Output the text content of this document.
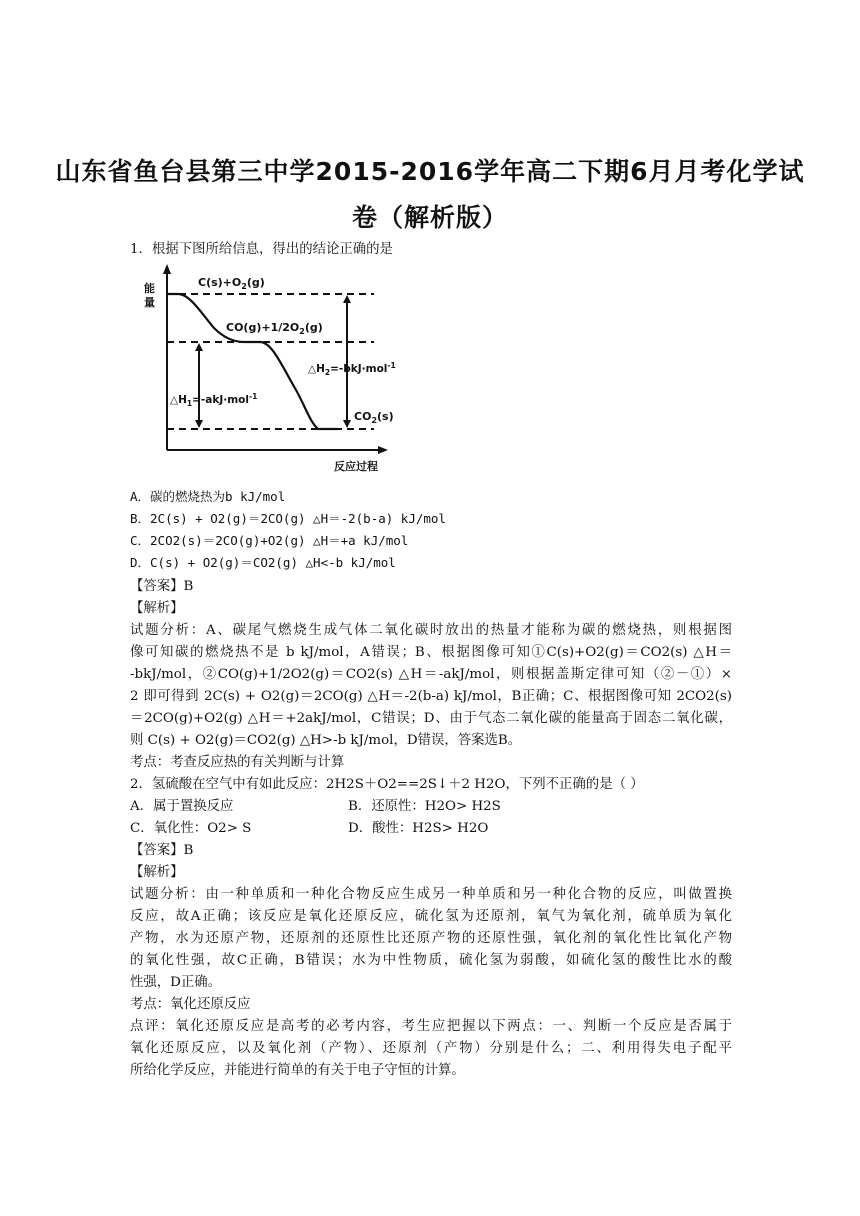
山东省鱼台县第三中学2015-2016学年高二下期6月月考化学试

卷（解析版）

1．根据下图所给信息，得出的结论正确的是

能
量
反应过程
$C(s)+O_2(g)$
$CO(g)+1/2O_2(g)$
$CO_2(s)$
$\triangle H_1=-akJ\cdot mol^{-1}$
$\triangle H_2=-bkJ\cdot mol^{-1}$

A．碳的燃烧热为b kJ/mol

B．2C(s) + O2(g)＝2CO(g) △H＝-2(b-a) kJ/mol

C．2CO2(s)＝2CO(g)+O2(g) △H＝+a kJ/mol

D．C(s) + O2(g)＝CO2(g) △H<-b kJ/mol

【答案】B

【解析】

试题分析：A、碳尾气燃烧生成气体二氧化碳时放出的热量才能称为碳的燃烧热，则根据图

像可知碳的燃烧热不是 b kJ/mol，A错误；B、根据图像可知①C(s)+O2(g)＝CO2(s) △H＝

-bkJ/mol，②CO(g)+1/2O2(g)＝CO2(s) △H＝-akJ/mol，则根据盖斯定律可知（②－①）×

2 即可得到 2C(s) + O2(g)＝2CO(g) △H＝-2(b-a) kJ/mol，B正确；C、根据图像可知 2CO2(s)

＝2CO(g)+O2(g) △H＝+2akJ/mol，C错误；D、由于气态二氧化碳的能量高于固态二氧化碳，

则 C(s) + O2(g)＝CO2(g) △H>-b kJ/mol，D错误，答案选B。

考点：考查反应热的有关判断与计算

2．氢硫酸在空气中有如此反应：2H2S＋O2==2S↓＋2 H2O，下列不正确的是（ ）

A．属于置换反应	B．还原性：H2O> H2S

C．氧化性：O2> S	D．酸性：H2S> H2O

【答案】B

【解析】

试题分析：由一种单质和一种化合物反应生成另一种单质和另一种化合物的反应，叫做置换

反应，故A正确；该反应是氧化还原反应，硫化氢为还原剂，氧气为氧化剂，硫单质为氧化

产物，水为还原产物，还原剂的还原性比还原产物的还原性强，氧化剂的氧化性比氧化产物

的氧化性强，故C正确，B错误；水为中性物质，硫化氢为弱酸，如硫化氢的酸性比水的酸

性强，D正确。

考点：氧化还原反应

点评：氧化还原反应是高考的必考内容，考生应把握以下两点：一、判断一个反应是否属于

氧化还原反应，以及氧化剂（产物）、还原剂（产物）分别是什么；二、利用得失电子配平

所给化学反应，并能进行简单的有关于电子守恒的计算。
